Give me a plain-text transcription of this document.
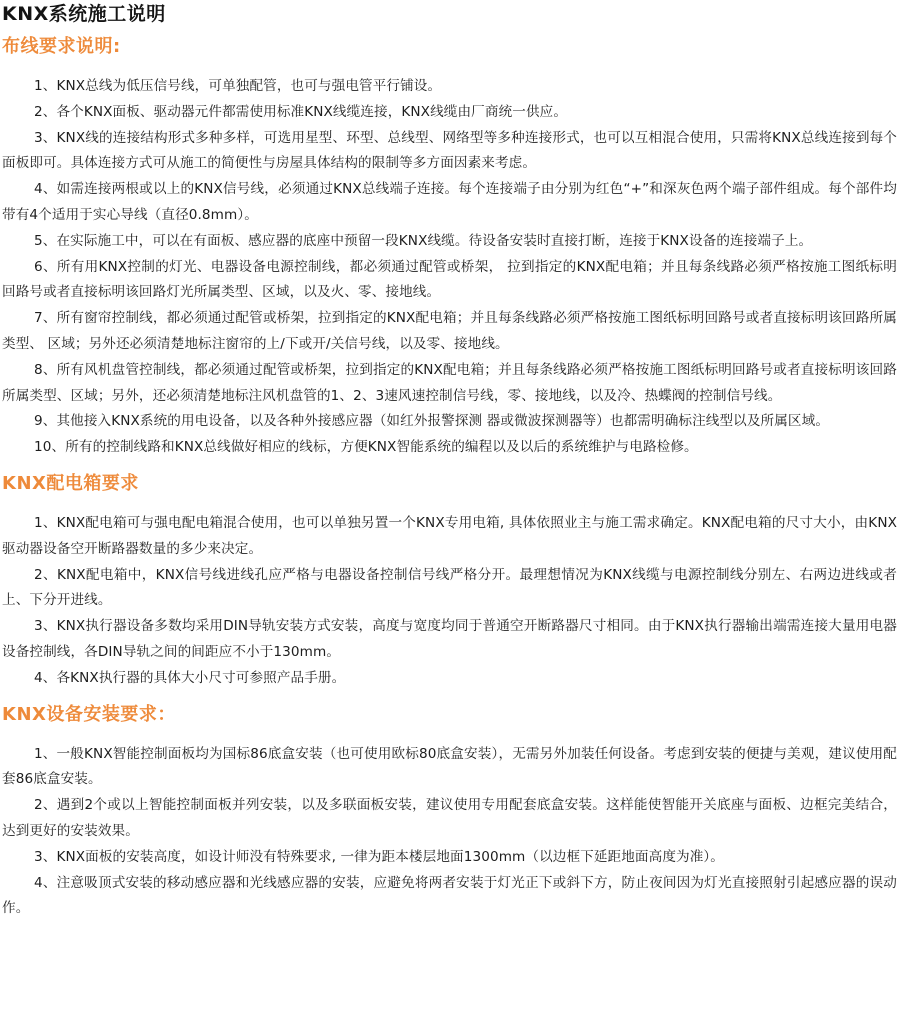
KNX系统施工说明
布线要求说明:

1、KNX总线为低压信号线，可单独配管，也可与强电管平行铺设。

2、各个KNX面板、驱动器元件都需使用标准KNX线缆连接，KNX线缆由厂商统一供应。

3、KNX线的连接结构形式多种多样，可选用星型、环型、总线型、网络型等多种连接形式，也可以互相混合使用，只需将KNX总线连接到每个面板即可。具体连接方式可从施工的简便性与房屋具体结构的限制等多方面因素来考虑。

4、如需连接两根或以上的KNX信号线，必须通过KNX总线端子连接。每个连接端子由分别为红色“+”和深灰色两个端子部件组成。每个部件均带有4个适用于实心导线（直径0.8mm）。

5、在实际施工中，可以在有面板、感应器的底座中预留一段KNX线缆。待设备安装时直接打断，连接于KNX设备的连接端子上。

6、所有用KNX控制的灯光、电器设备电源控制线，都必须通过配管或桥架， 拉到指定的KNX配电箱；并且每条线路必须严格按施工图纸标明回路号或者直接标明该回路灯光所属类型、区域，以及火、零、接地线。

7、所有窗帘控制线，都必须通过配管或桥架，拉到指定的KNX配电箱；并且每条线路必须严格按施工图纸标明回路号或者直接标明该回路所属类型、 区域；另外还必须清楚地标注窗帘的上/下或开/关信号线，以及零、接地线。

8、所有风机盘管控制线，都必须通过配管或桥架，拉到指定的KNX配电箱；并且每条线路必须严格按施工图纸标明回路号或者直接标明该回路所属类型、区域；另外，还必须清楚地标注风机盘管的1、2、3速风速控制信号线，零、接地线，以及冷、热蝶阀的控制信号线。

9、其他接入KNX系统的用电设备，以及各种外接感应器（如红外报警探测 器或微波探测器等）也都需明确标注线型以及所属区域。

10、所有的控制线路和KNX总线做好相应的线标，方便KNX智能系统的编程以及以后的系统维护与电路检修。

KNX配电箱要求

1、KNX配电箱可与强电配电箱混合使用，也可以单独另置一个KNX专用电箱, 具体依照业主与施工需求确定。KNX配电箱的尺寸大小，由KNX驱动器设备空开断路器数量的多少来决定。

2、KNX配电箱中，KNX信号线进线孔应严格与电器设备控制信号线严格分开。最理想情况为KNX线缆与电源控制线分别左、右两边进线或者上、下分开进线。

3、KNX执行器设备多数均采用DIN导轨安装方式安装，高度与宽度均同于普通空开断路器尺寸相同。由于KNX执行器输出端需连接大量用电器设备控制线，各DIN导轨之间的间距应不小于130mm。

4、各KNX执行器的具体大小尺寸可参照产品手册。

KNX设备安装要求：

1、一般KNX智能控制面板均为国标86底盒安装（也可使用欧标80底盒安装），无需另外加装任何设备。考虑到安装的便捷与美观，建议使用配套86底盒安装。

2、遇到2个或以上智能控制面板并列安装，以及多联面板安装，建议使用专用配套底盒安装。这样能使智能开关底座与面板、边框完美结合，达到更好的安装效果。

3、KNX面板的安装高度，如设计师没有特殊要求, 一律为距本楼层地面1300mm（以边框下延距地面高度为准）。

4、注意吸顶式安装的移动感应器和光线感应器的安装，应避免将两者安装于灯光正下或斜下方，防止夜间因为灯光直接照射引起感应器的误动作。
